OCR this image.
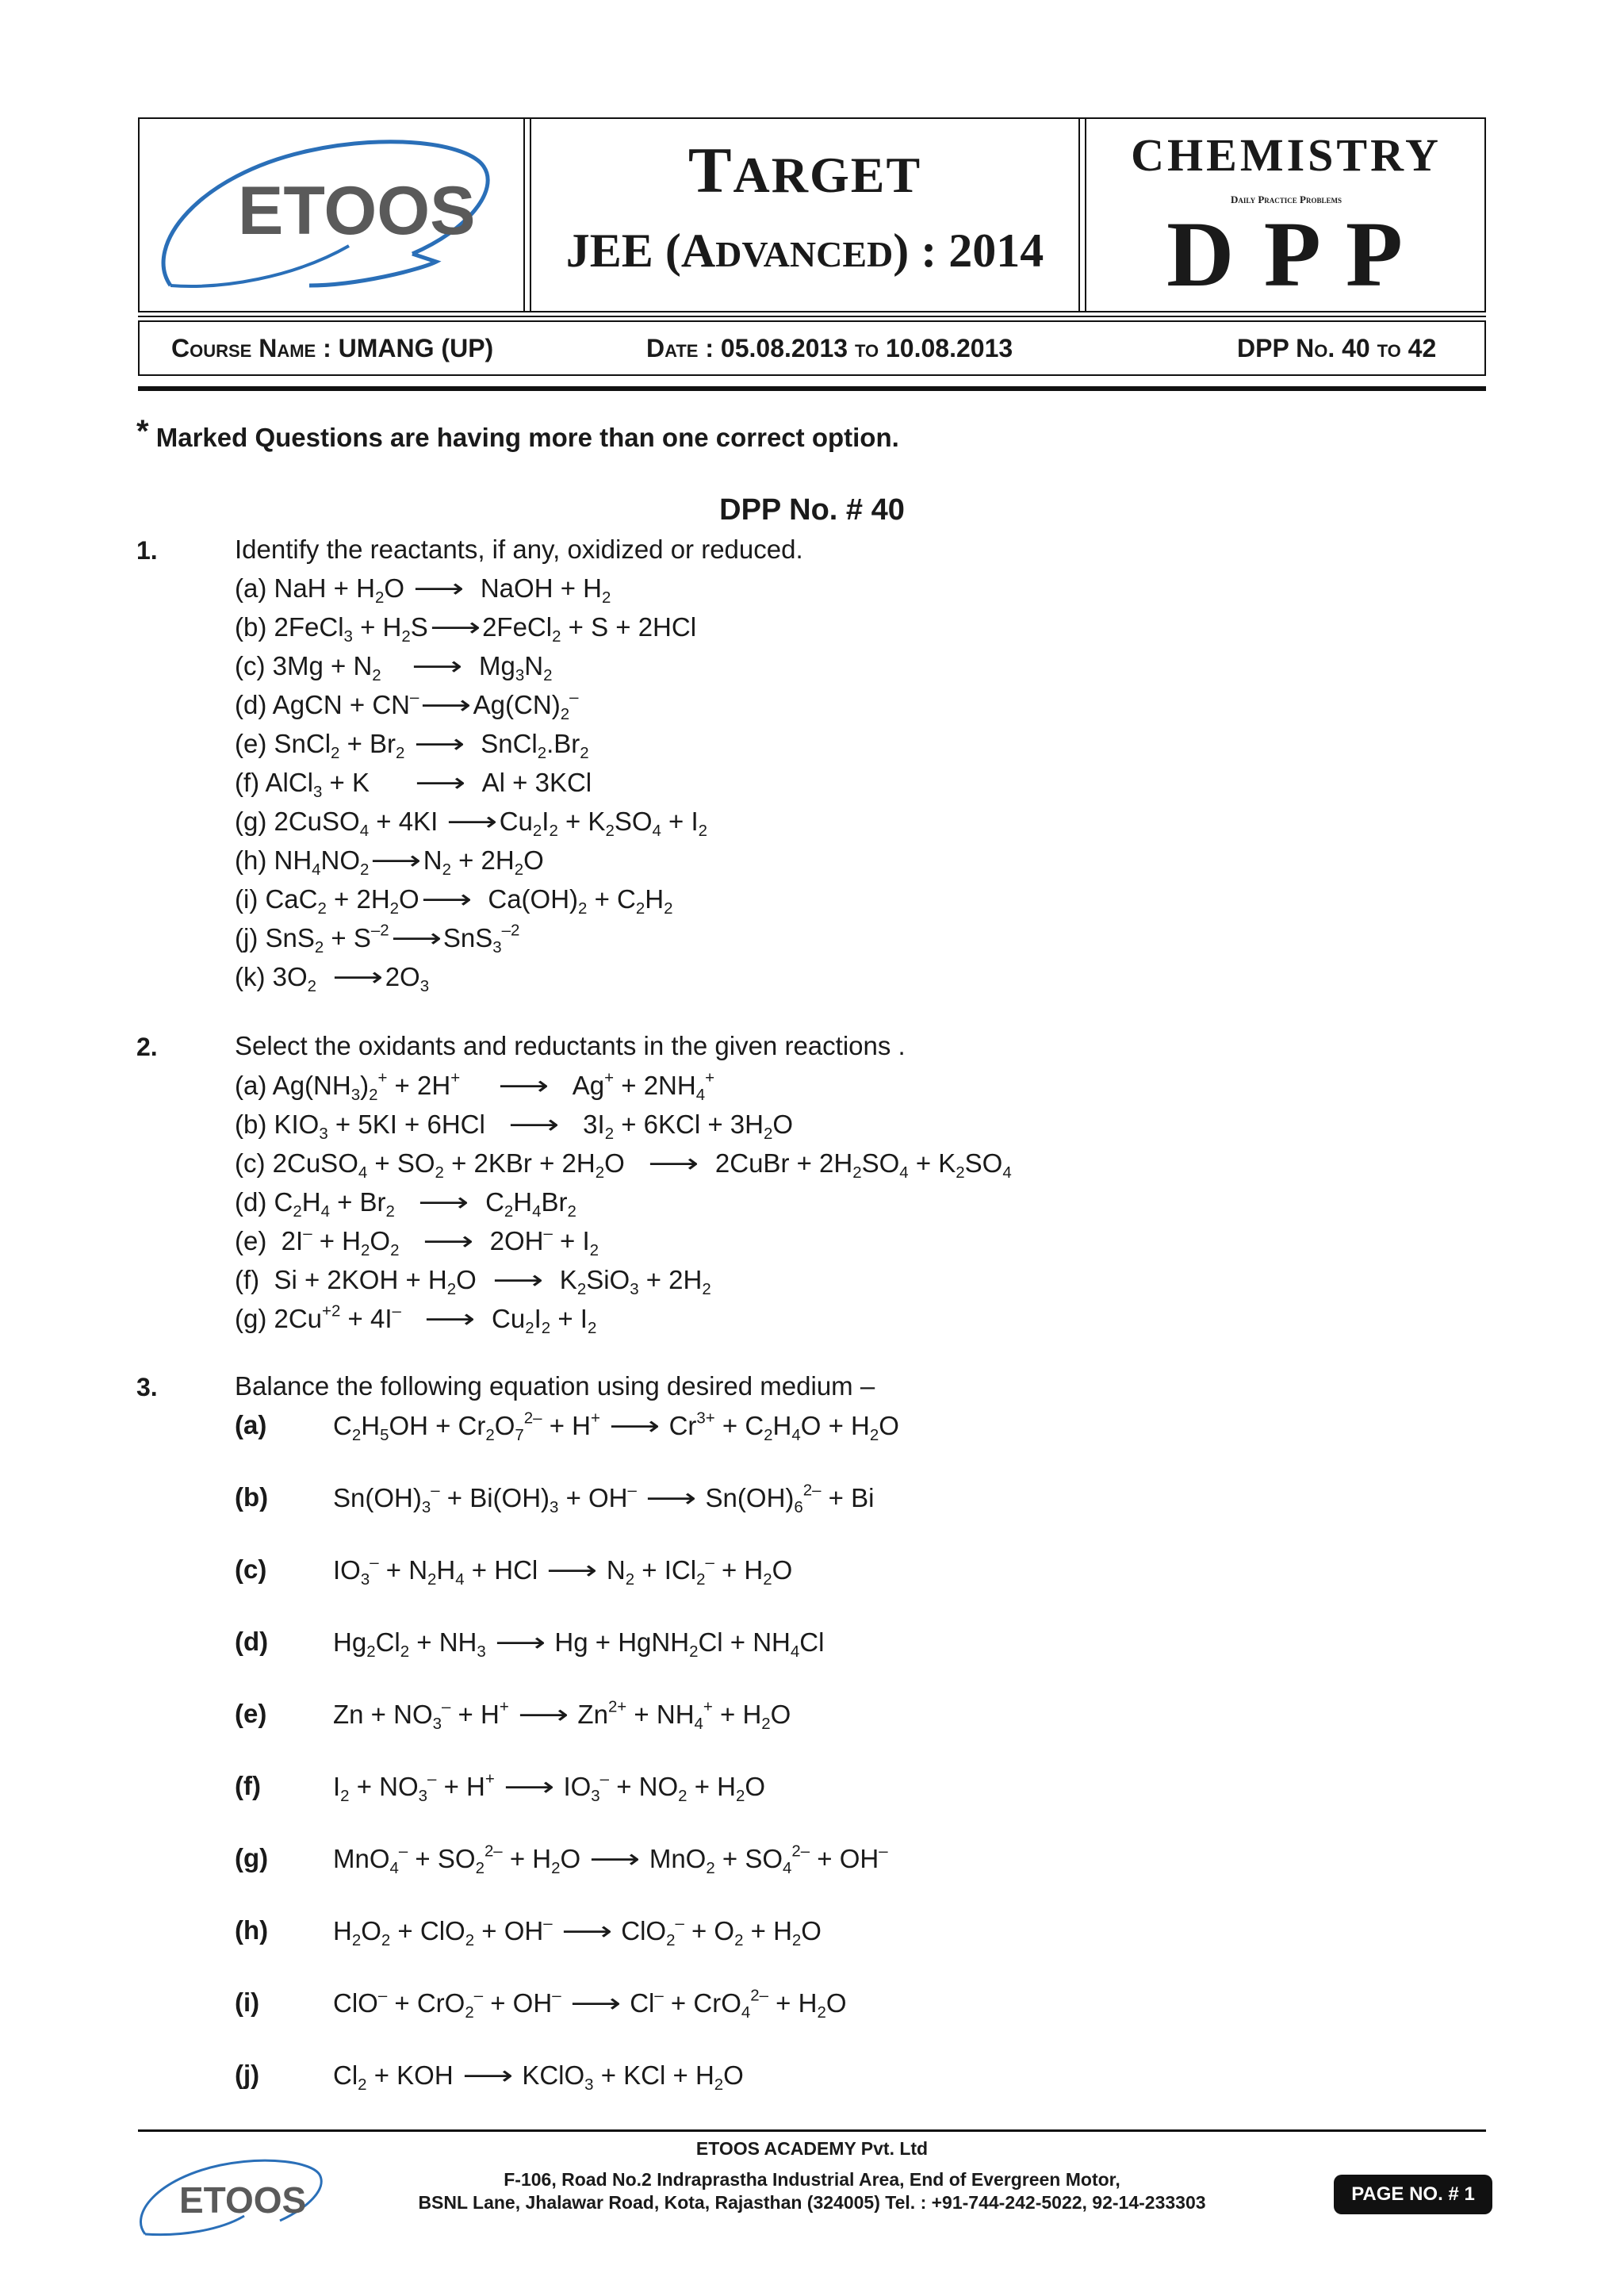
ETOOS
TARGET
JEE (ADVANCED) : 2014
CHEMISTRY
Daily Practice Problems
D P P
Course Name : UMANG (UP)	Date : 05.08.2013 to 10.08.2013	DPP No. 40 to 42
* Marked Questions are having more than one correct option.
DPP No. # 40
1.	Identify the reactants, if any, oxidized or reduced.
(a) NaH + $H_2O$ ⟶  NaOH + $H_2$
(b) 2FeCl$_3$ + $H_2S⟶$ 2FeCl$_2$ + S + 2HCl
(c) $3Mg + N_2$ ⟶  $Mg_3N_2$
(d) AgCN + CN–⟶ $Ag(CN)_2^-$
(e) SnCl$_2$ + $Br_2$ ⟶  $SnCl_2.Br_2$
(f) AlCl$_3$ + K      ⟶  Al + 3KCl
(g) 2CuSO$_4$ + 4KI ⟶ $Cu_2I_2 + K_2SO_4 + I_2$
(h) $NH_4NO_2⟶$ $N_2 + 2H_2O$
(i) $CaC_2 + 2H_2O⟶$  $Ca(OH)_2 + C_2H_2$
(j) $SnS_2 + S^{-2}⟶$ SnS$_3^{-2}$
(k) $3O_2$ ⟶ $2O_3$
2.	Select the oxidants and reductants in the given reactions .
(a) $Ag(NH_3)_2^+ + 2H^+$ ⟶   $Ag^+ + 2NH_4^+$
(b) $KIO_3 + 5KI + 6HCl$   ⟶   $3I_2 + 6KCl + 3H_2O$
(c) 2CuSO$_4$ + $SO_2 + 2KBr + 2H_2O$   ⟶  2CuBr + $2H_2SO_4 + K_2SO_4$
(d) $C_2H_4 + Br_2$ ⟶  $C_2H_4Br_2$
(e)  $2I^- + H_2O_2$ ⟶  $2OH^- + I_2$
(f)  $Si + 2KOH + H_2O$  ⟶  $K_2SiO_3 + 2H_2$
(g) $2Cu^{+2} + 4I^-$ ⟶  $Cu_2I_2 + I_2$
3.	Balance the following equation using desired medium –
(a)	$C_2H_5OH + Cr_2O_7^{2-} + H^+$ ⟶ $Cr^{3+} + C_2H_4O + H_2O$
(b) $Sn(OH)_3^- + Bi(OH)_3 + OH^-$ ⟶ $Sn(OH)_6^{2-} + Bi$
(c)	$IO_3^- + N_2H_4$ + HCl ⟶ $N_2 + ICl_2^- + H_2O$
(d) $Hg_2Cl_2 + NH_3$ ⟶ Hg + HgNH$_2$Cl + $NH_4Cl$
(e)	$Zn + NO_3^- + H^+$ ⟶ $Zn^{2+} + NH_4^+ + H_2O$
(f)	$I_2 + NO_3^- + H^+$ ⟶ $IO_3^- + NO_2 + H_2O$
(g) $MnO_4^- + SO_2^{2-} + H_2O$ ⟶ $MnO_2 + SO_4^{2-} + OH^-$
(h) $H_2O_2 + ClO_2 + OH^-$ ⟶ $ClO_2^- + O_2 + H_2O$
(i)	ClO– + CrO$_2$– + OH– ⟶ $Cl^- + CrO_4^{2-} + H_2O$
(j)	$Cl_2$ + KOH ⟶ KClO$_3$ + KCl + $H_2O$
ETOOS
ETOOS ACADEMY Pvt. Ltd
F-106, Road No.2 Indraprastha Industrial Area, End of Evergreen Motor,
BSNL Lane, Jhalawar Road, Kota, Rajasthan (324005) Tel. : +91-744-242-5022, 92-14-233303	PAGE NO. # 1
